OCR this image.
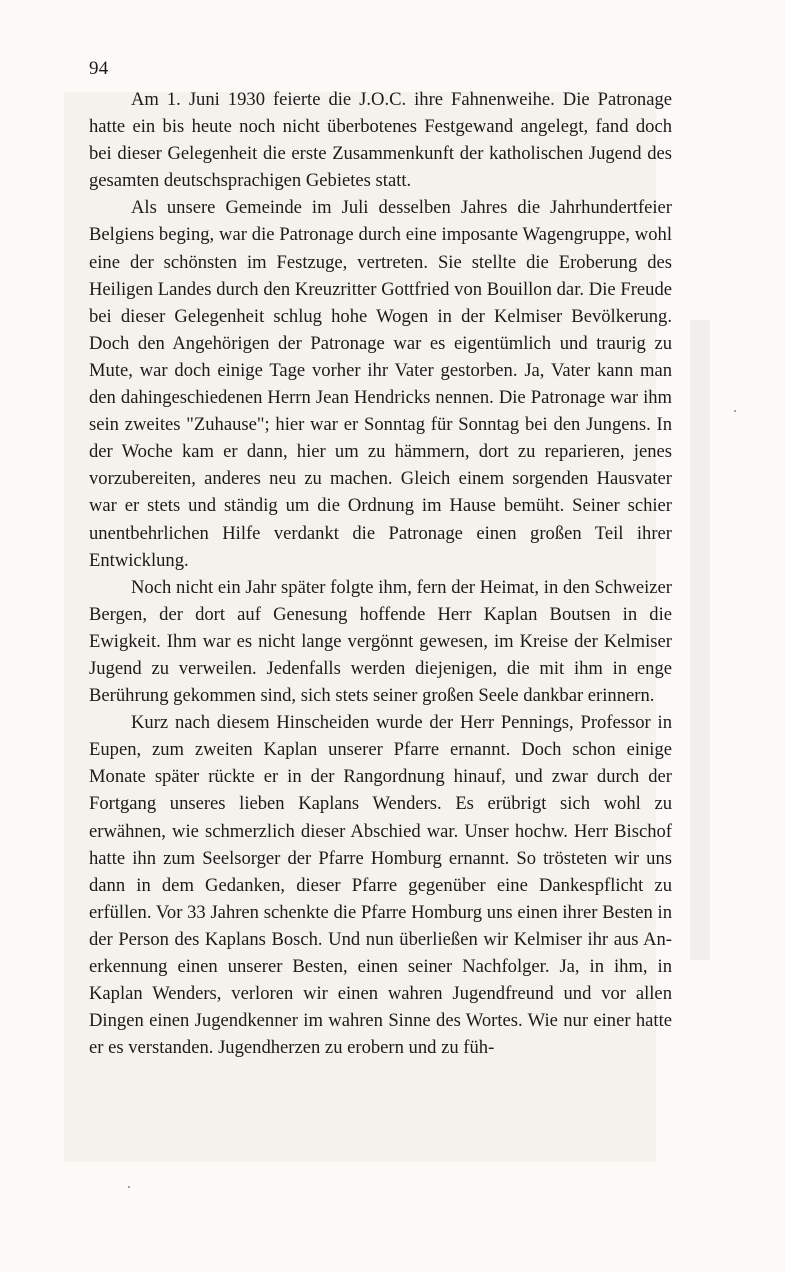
94

Am 1. Juni 1930 feierte die J.O.C. ihre Fahnenweihe. Die Patronage hatte ein bis heute noch nicht überbotenes Festgewand angelegt, fand doch bei dieser Gelegenheit die erste Zusammenkunft der katholischen Jugend des gesamten deutschsprachigen Gebietes statt.

Als unsere Gemeinde im Juli desselben Jahres die Jahrhundertfeier Belgiens beging, war die Patronage durch eine imposante Wagengruppe, wohl eine der schönsten im Festzuge, vertreten. Sie stellte die Eroberung des Heiligen Landes durch den Kreuzritter Gottfried von Bouillon dar. Die Freude bei dieser Gelegenheit schlug hohe Wogen in der Kelmiser Bevölkerung. Doch den Angehörigen der Patronage war es eigentümlich und traurig zu Mute, war doch einige Tage vorher ihr Vater gestorben. Ja, Vater kann man den dahingeschiedenen Herrn Jean Hendricks nennen. Die Patronage war ihm sein zweites "Zuhause"; hier war er Sonntag für Sonntag bei den Jungens. In der Woche kam er dann, hier um zu hämmern, dort zu reparieren, jenes vorzubereiten, anderes neu zu machen. Gleich einem sorgenden Hausvater war er stets und ständig um die Ordnung im Hause bemüht. Seiner schier unentbehrlichen Hilfe verdankt die Patronage einen großen Teil ihrer Entwicklung.

Noch nicht ein Jahr später folgte ihm, fern der Heimat, in den Schweizer Bergen, der dort auf Genesung hoffende Herr Kaplan Boutsen in die Ewigkeit. Ihm war es nicht lange vergönnt gewesen, im Kreise der Kelmiser Jugend zu verweilen. Jedenfalls werden diejenigen, die mit ihm in enge Berührung gekommen sind, sich stets seiner großen Seele dankbar erinnern.

Kurz nach diesem Hinscheiden wurde der Herr Pennings, Professor in Eupen, zum zweiten Kaplan unserer Pfarre ernannt. Doch schon einige Monate später rückte er in der Rangordnung hinauf, und zwar durch der Fortgang unseres lieben Kaplans Wenders. Es erübrigt sich wohl zu erwähnen, wie schmerzlich dieser Abschied war. Unser hochw. Herr Bischof hatte ihn zum Seelsorger der Pfarre Homburg ernannt. So trösteten wir uns dann in dem Gedanken, dieser Pfarre gegenüber eine Dankespflicht zu erfüllen. Vor 33 Jahren schenkte die Pfarre Homburg uns einen ihrer Besten in der Person des Kaplans Bosch. Und nun überließen wir Kelmiser ihr aus Anerkennung einen unserer Besten, einen seiner Nachfolger. Ja, in ihm, in Kaplan Wenders, verloren wir einen wahren Jugendfreund und vor allen Dingen einen Jugendkenner im wahren Sinne des Wortes. Wie nur einer hatte er es verstanden. Jugendherzen zu erobern und zu füh-
